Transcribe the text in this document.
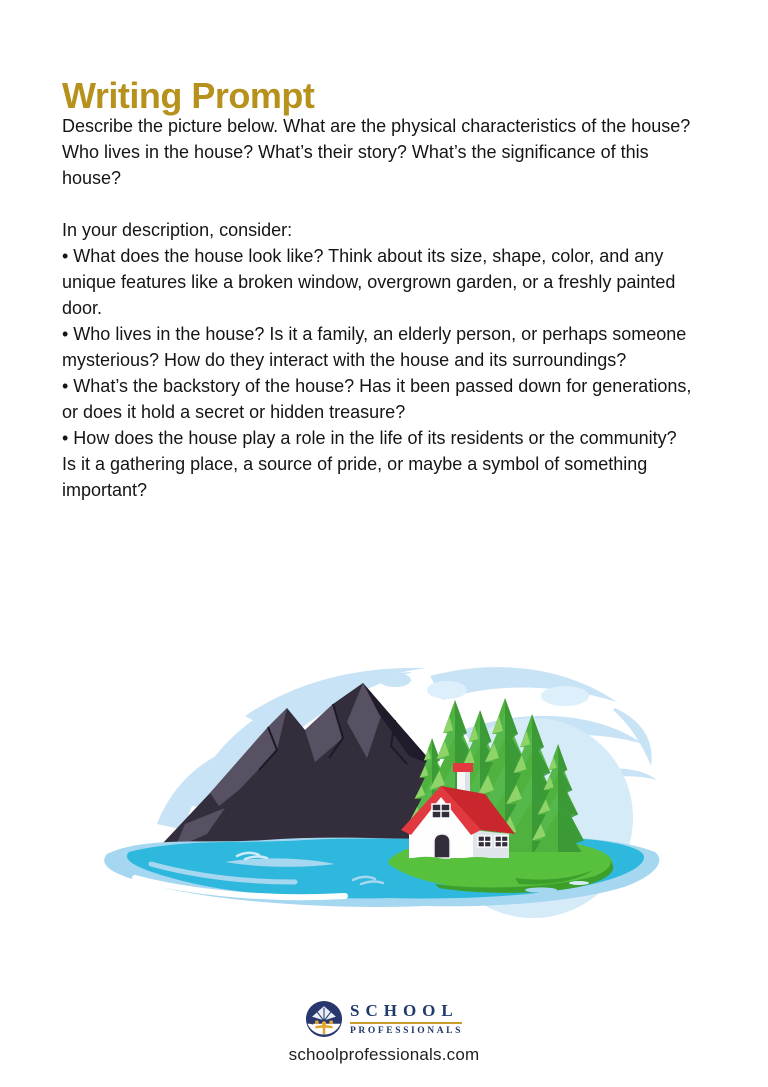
Writing Prompt

Describe the picture below. What are the physical characteristics of the house? Who lives in the house? What’s their story? What’s the significance of this house?

In your description, consider:

• What does the house look like? Think about its size, shape, color, and any unique features like a broken window, overgrown garden, or a freshly painted door.

• Who lives in the house? Is it a family, an elderly person, or perhaps someone mysterious? How do they interact with the house and its surroundings?

• What’s the backstory of the house? Has it been passed down for generations, or does it hold a secret or hidden treasure?

• How does the house play a role in the life of its residents or the community? Is it a gathering place, a source of pride, or maybe a symbol of something important?

SCHOOL
PROFESSIONALS
schoolprofessionals.com
